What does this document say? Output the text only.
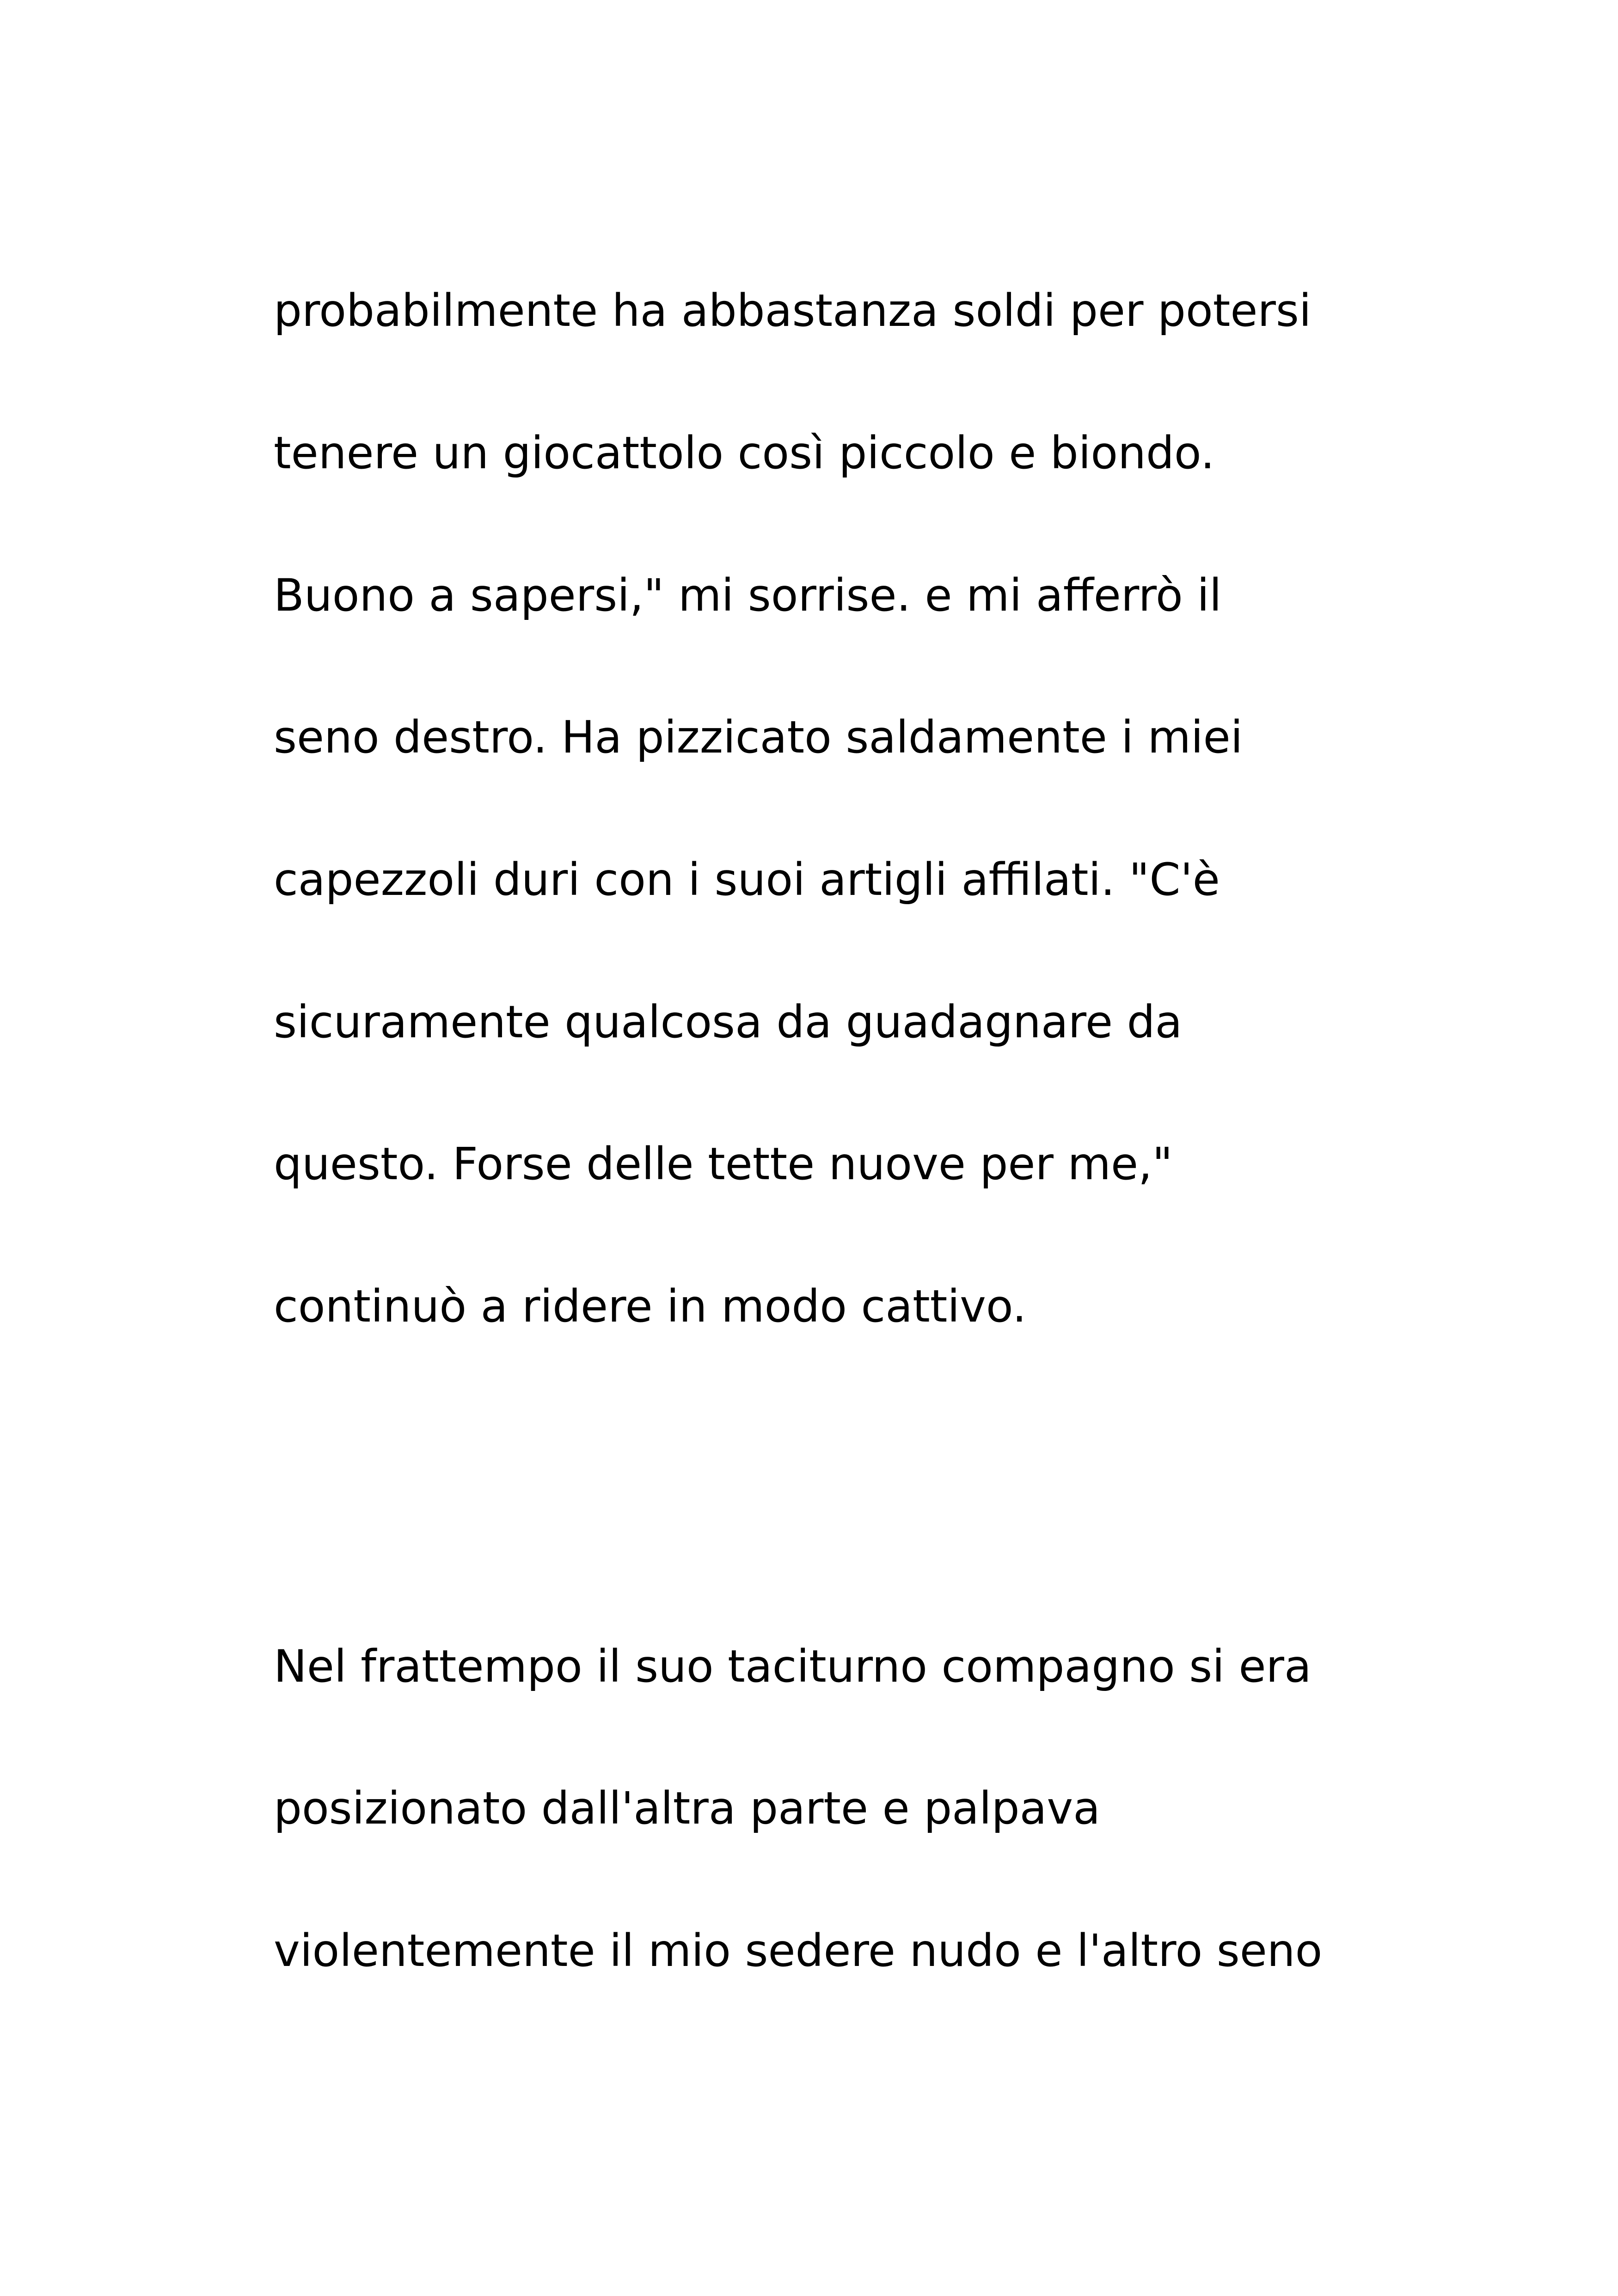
probabilmente ha abbastanza soldi per potersi

tenere un giocattolo così piccolo e biondo.

Buono a sapersi," mi sorrise. e mi afferrò il

seno destro. Ha pizzicato saldamente i miei

capezzoli duri con i suoi artigli affilati. "C'è

sicuramente qualcosa da guadagnare da

questo. Forse delle tette nuove per me,"

continuò a ridere in modo cattivo.

Nel frattempo il suo taciturno compagno si era

posizionato dall'altra parte e palpava

violentemente il mio sedere nudo e l'altro seno
